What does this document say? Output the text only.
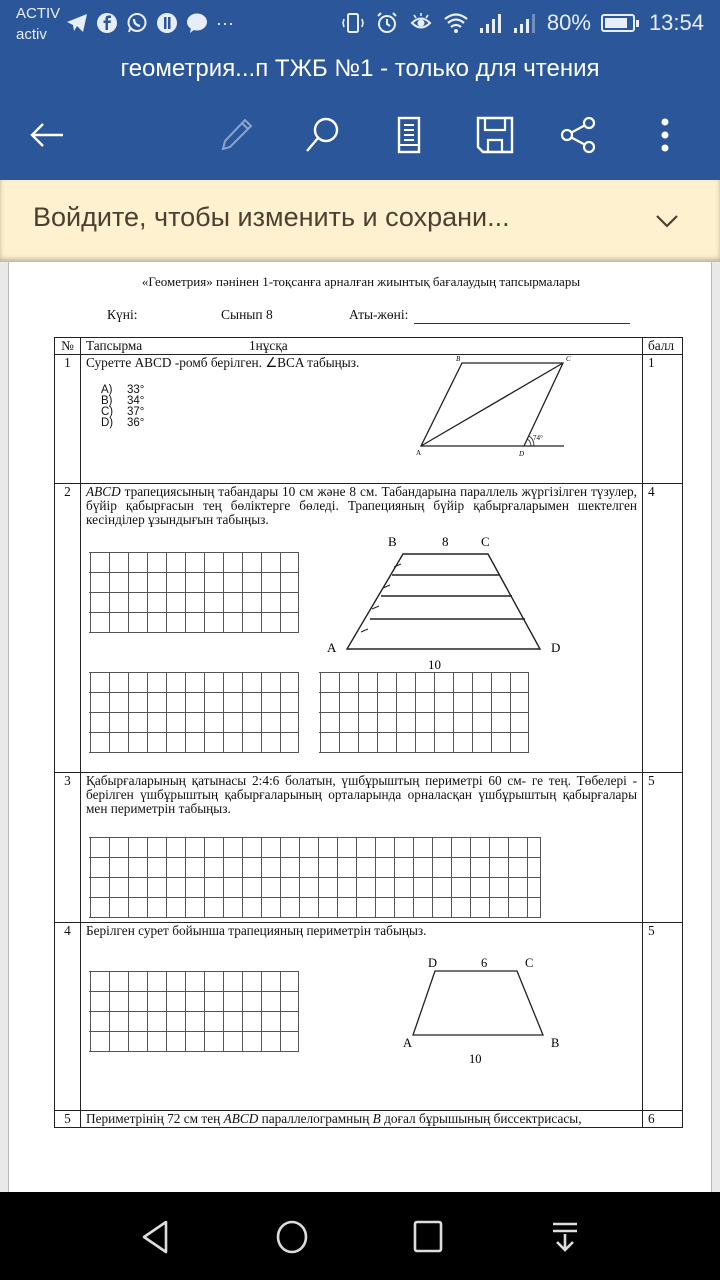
ACTIV
activ
···	80%	13:54
геометрия...п ТЖБ №1 - только для чтения
Войдите, чтобы изменить и сохрани...
«Геометрия» пәнінен 1-тоқсанға арналған жиынтық бағалаудың тапсырмалары
Күні:	Сынып 8	Аты-жөні:
№	Тапсырма 1нұсқа	балл
1	Суретте ABCD -ромб берілген. ∠BCA табыңыз.
A) 33°
B) 34°
C) 37°
D) 36°
B	C
A	D
74°
	1
2	ABCD трапециясының табандары 10 см және 8 см. Табандарына параллель жүргізілген түзулер, бүйір қабырғасын тең бөліктерге бөледі. Трапецияның бүйір қабырғаларымен шектелген кесінділер ұзындығын табыңыз.
B	8	C
A	D
10
	4
3	Қабырғаларының қатынасы 2:4:6 болатын, үшбұрыштың периметрі 60 см- ге тең. Төбелері - берілген үшбұрыштың қабырғаларының орталарында орналасқан үшбұрыштың қабырғалары мен периметрін табыңыз.	5
4	Берілген сурет бойынша трапецияның периметрін табыңыз.
D	6	C
A	B
10
	5
5	Периметрінің 72 см тең ABCD параллелограмның B доғал бұрышының биссектрисасы,	6
